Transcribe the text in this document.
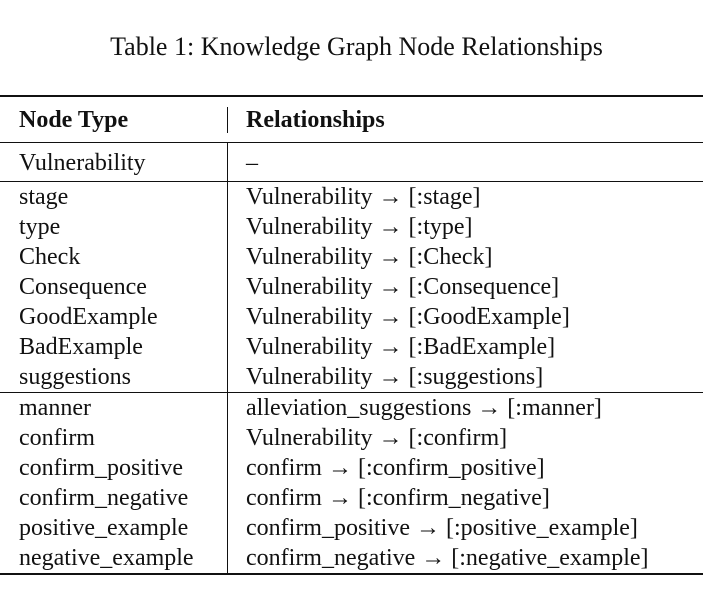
Table 1: Knowledge Graph Node Relationships
Node Type	Relationships
Vulnerability	–
stage	Vulnerability → [:stage]
type	Vulnerability → [:type]
Check	Vulnerability → [:Check]
Consequence	Vulnerability → [:Consequence]
GoodExample	Vulnerability → [:GoodExample]
BadExample	Vulnerability → [:BadExample]
suggestions	Vulnerability → [:suggestions]
manner	alleviation_suggestions → [:manner]
confirm	Vulnerability → [:confirm]
confirm_positive	confirm → [:confirm_positive]
confirm_negative	confirm → [:confirm_negative]
positive_example	confirm_positive → [:positive_example]
negative_example	confirm_negative → [:negative_example]
